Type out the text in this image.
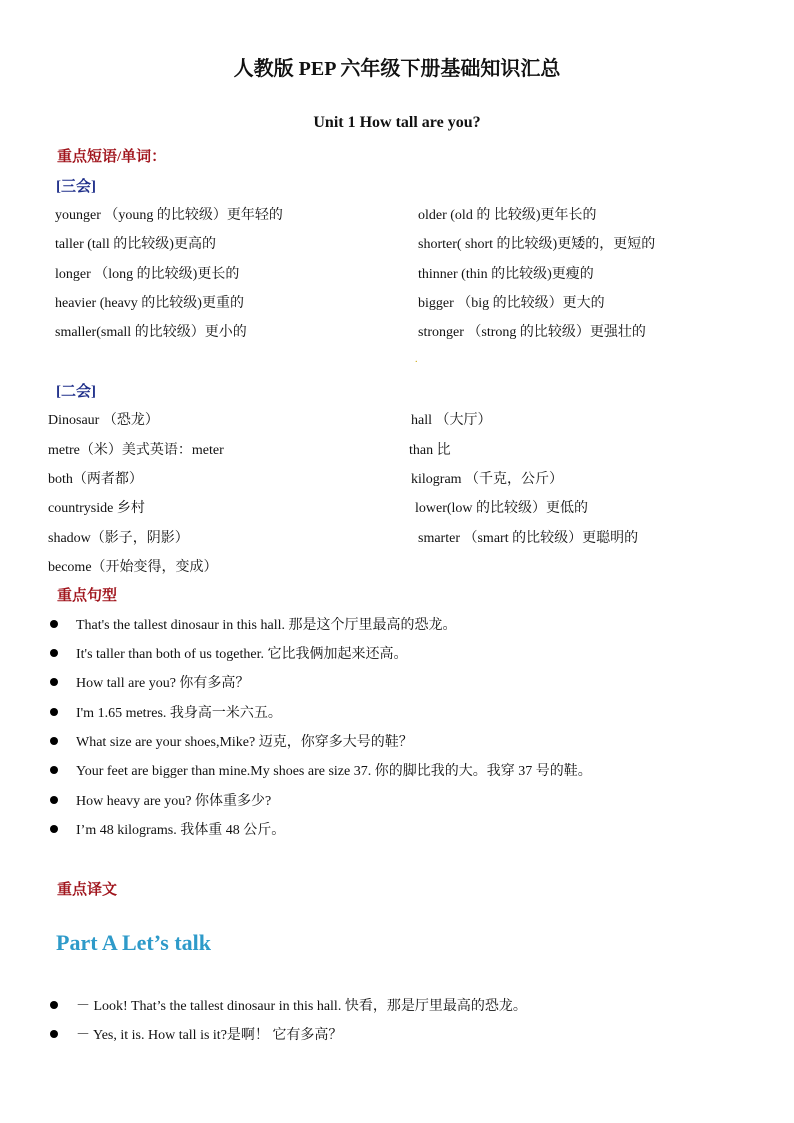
人教版 PEP 六年级下册基础知识汇总
Unit 1 How tall are you?
重点短语/单词：
[三会]
younger （young 的比较级）更年轻的
taller (tall 的比较级)更高的
longer （long 的比较级)更长的
heavier (heavy 的比较级)更重的
smaller(small 的比较级）更小的
older (old 的 比较级)更年长的
shorter( short 的比较级)更矮的，更短的
thinner (thin 的比较级)更瘦的
bigger （big 的比较级）更大的
stronger （strong 的比较级）更强壮的
.
[二会]
Dinosaur （恐龙）
metre（米）美式英语：meter
both（两者都）
countryside 乡村
shadow（影子，阴影）
become（开始变得，变成）
hall （大厅）
than 比
kilogram （千克，公斤）
lower(low 的比较级）更低的
smarter （smart 的比较级）更聪明的
重点句型
That's the tallest dinosaur in this hall. 那是这个厅里最高的恐龙。
It's taller than both of us together. 它比我俩加起来还高。
How tall are you? 你有多高？
I'm 1.65 metres. 我身高一米六五。
What size are your shoes,Mike? 迈克，你穿多大号的鞋？
Your feet are bigger than mine.My shoes are size 37. 你的脚比我的大。我穿 37 号的鞋。
How heavy are you? 你体重多少?
I’m 48 kilograms. 我体重 48 公斤。
重点译文
Part A Let’s talk
－ Look! That’s the tallest dinosaur in this hall. 快看，那是厅里最高的恐龙。
－ Yes, it is. How tall is it?是啊！ 它有多高？
